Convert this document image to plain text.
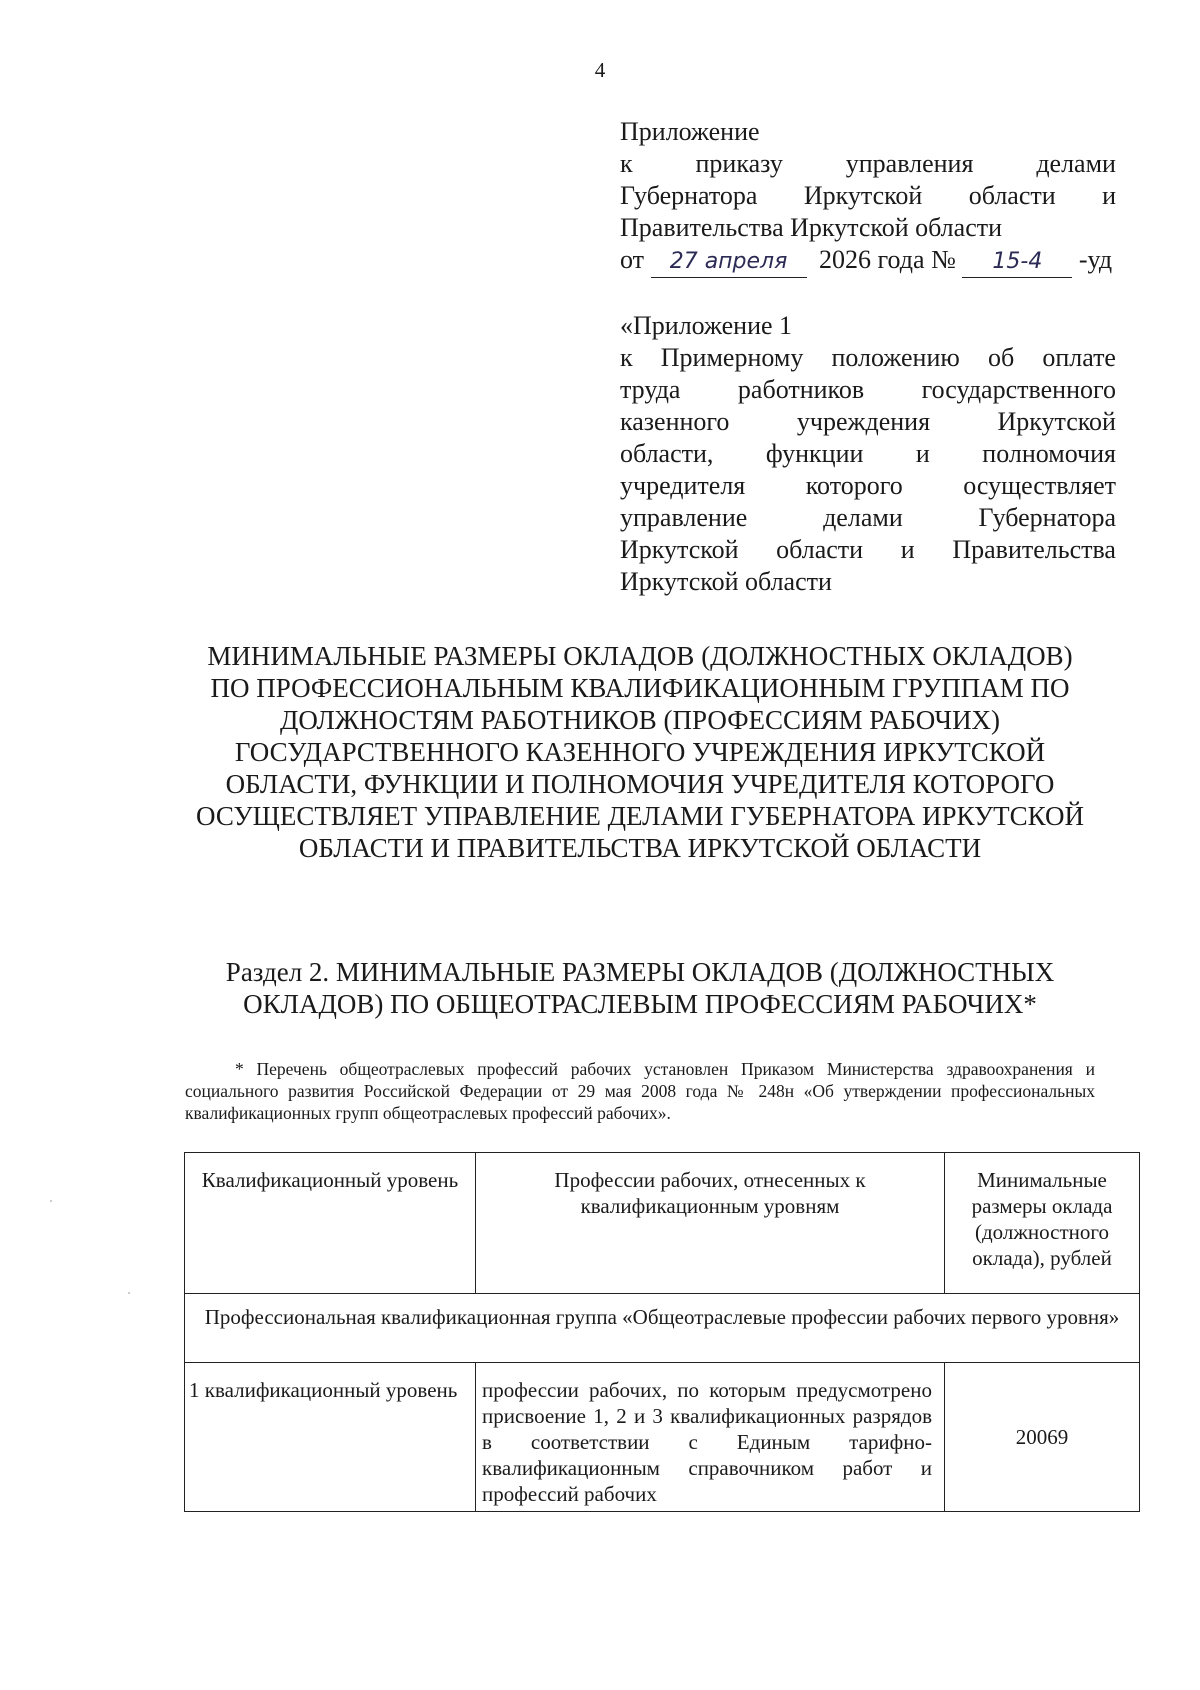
4
Приложение
к приказу управления делами
Губернатора Иркутской области и
Правительства Иркутской области
от 27 апреля 2026 года № 15-4 -уд
«Приложение 1
к Примерному положению об оплате
труда работников государственного
казенного	учреждения	Иркутской
области, функции и полномочия
учредителя которого осуществляет
управление	делами	Губернатора
Иркутской области и Правительства
Иркутской области
МИНИМАЛЬНЫЕ РАЗМЕРЫ ОКЛАДОВ (ДОЛЖНОСТНЫХ ОКЛАДОВ)
ПО ПРОФЕССИОНАЛЬНЫМ КВАЛИФИКАЦИОННЫМ ГРУППАМ ПО
ДОЛЖНОСТЯМ РАБОТНИКОВ (ПРОФЕССИЯМ РАБОЧИХ)
ГОСУДАРСТВЕННОГО КАЗЕННОГО УЧРЕЖДЕНИЯ ИРКУТСКОЙ
ОБЛАСТИ, ФУНКЦИИ И ПОЛНОМОЧИЯ УЧРЕДИТЕЛЯ КОТОРОГО
ОСУЩЕСТВЛЯЕТ УПРАВЛЕНИЕ ДЕЛАМИ ГУБЕРНАТОРА ИРКУТСКОЙ
ОБЛАСТИ И ПРАВИТЕЛЬСТВА ИРКУТСКОЙ ОБЛАСТИ
Раздел 2. МИНИМАЛЬНЫЕ РАЗМЕРЫ ОКЛАДОВ (ДОЛЖНОСТНЫХ
ОКЛАДОВ) ПО ОБЩЕОТРАСЛЕВЫМ ПРОФЕССИЯМ РАБОЧИХ*
* Перечень общеотраслевых профессий рабочих установлен Приказом Министерства здравоохранения и социального развития Российской Федерации от 29 мая 2008 года № 248н «Об утверждении профессиональных квалификационных групп общеотраслевых профессий рабочих».
Квалификационный уровень	Профессии рабочих, отнесенных к квалификационным уровням	Минимальные размеры оклада (должностного оклада), рублей
Профессиональная квалификационная группа «Общеотраслевые профессии рабочих первого уровня»		
1 квалификационный уровень	профессии рабочих, по которым предусмотрено присвоение 1, 2 и 3 квалификационных разрядов в соответствии с Единым тарифно-квалификационным справочником работ и профессий рабочих	20069
